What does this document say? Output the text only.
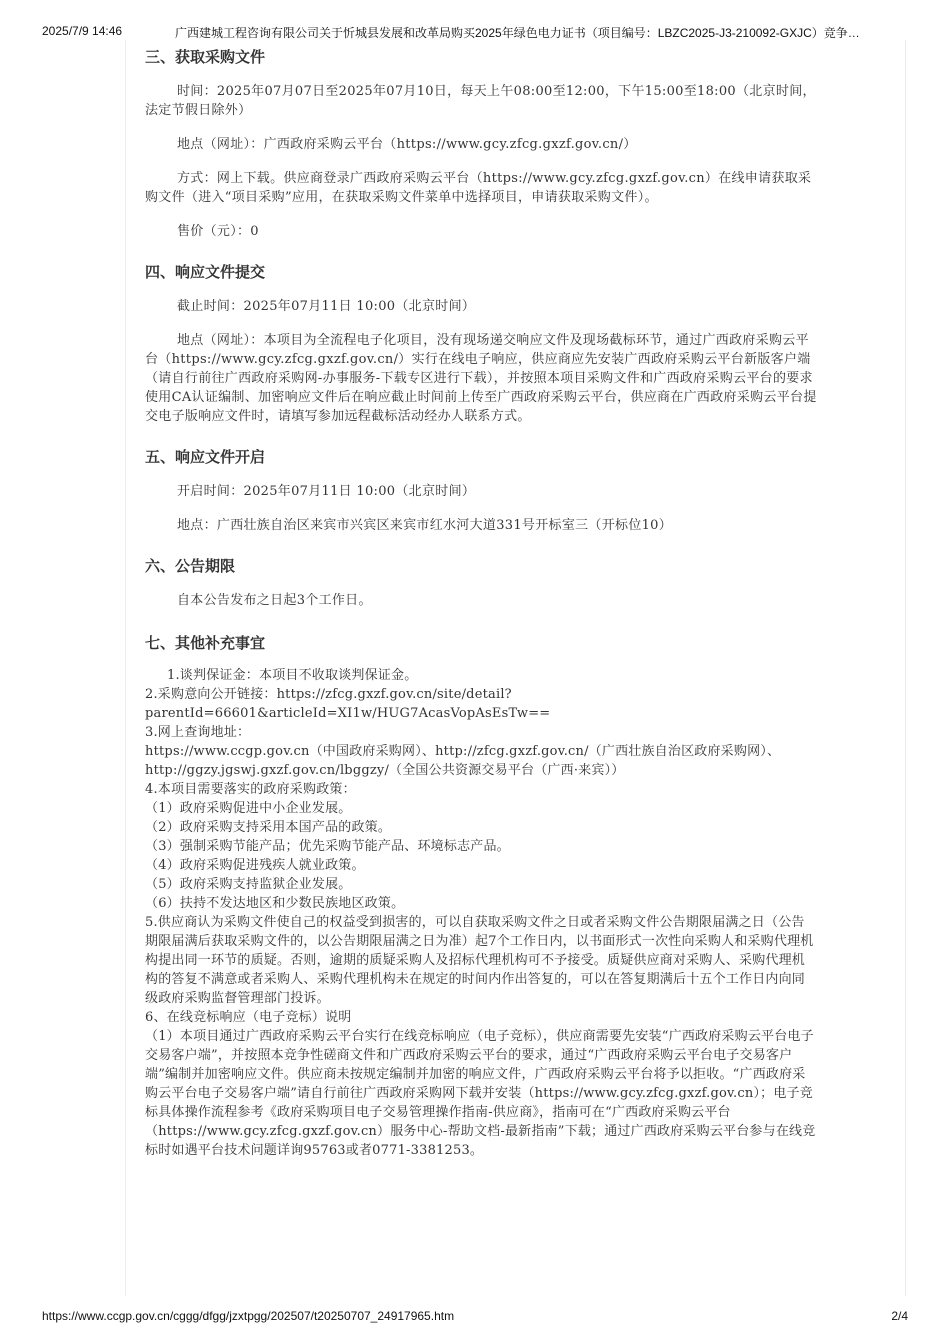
2025/7/9 14:46	广西建城工程咨询有限公司关于忻城县发展和改革局购买2025年绿色电力证书（项目编号：LBZC2025-J3-210092-GXJC）竞争…
三、获取采购文件

时间：2025年07月07日至2025年07月10日，每天上午08:00至12:00，下午15:00至18:00（北京时间，法定节假日除外）

地点（网址）：广西政府采购云平台（https://www.gcy.zfcg.gxzf.gov.cn/）

方式：网上下载。供应商登录广西政府采购云平台（https://www.gcy.zfcg.gxzf.gov.cn）在线申请获取采购文件（进入“项目采购”应用，在获取采购文件菜单中选择项目，申请获取采购文件）。

售价（元）：0

四、响应文件提交

截止时间：2025年07月11日 10:00（北京时间）

地点（网址）：本项目为全流程电子化项目，没有现场递交响应文件及现场截标环节，通过广西政府采购云平台（https://www.gcy.zfcg.gxzf.gov.cn/）实行在线电子响应，供应商应先安装广西政府采购云平台新版客户端（请自行前往广西政府采购网-办事服务-下载专区进行下载），并按照本项目采购文件和广西政府采购云平台的要求使用CA认证编制、加密响应文件后在响应截止时间前上传至广西政府采购云平台，供应商在广西政府采购云平台提交电子版响应文件时，请填写参加远程截标活动经办人联系方式。

五、响应文件开启

开启时间：2025年07月11日 10:00（北京时间）

地点：广西壮族自治区来宾市兴宾区来宾市红水河大道331号开标室三（开标位10）

六、公告期限

自本公告发布之日起3个工作日。

七、其他补充事宜

1.谈判保证金：本项目不收取谈判保证金。

2.采购意向公开链接：https://zfcg.gxzf.gov.cn/site/detail?parentId=66601&articleId=XI1w/HUG7AcasVopAsEsTw==

3.网上查询地址：

https://www.ccgp.gov.cn（中国政府采购网）、http://zfcg.gxzf.gov.cn/（广西壮族自治区政府采购网）、http://ggzy.jgswj.gxzf.gov.cn/lbggzy/（全国公共资源交易平台（广西·来宾））

4.本项目需要落实的政府采购政策：

（1）政府采购促进中小企业发展。

（2）政府采购支持采用本国产品的政策。

（3）强制采购节能产品；优先采购节能产品、环境标志产品。

（4）政府采购促进残疾人就业政策。

（5）政府采购支持监狱企业发展。

（6）扶持不发达地区和少数民族地区政策。

5.供应商认为采购文件使自己的权益受到损害的，可以自获取采购文件之日或者采购文件公告期限届满之日（公告期限届满后获取采购文件的，以公告期限届满之日为准）起7个工作日内，以书面形式一次性向采购人和采购代理机构提出同一环节的质疑。否则，逾期的质疑采购人及招标代理机构可不予接受。质疑供应商对采购人、采购代理机构的答复不满意或者采购人、采购代理机构未在规定的时间内作出答复的，可以在答复期满后十五个工作日内向同级政府采购监督管理部门投诉。

6、在线竞标响应（电子竞标）说明

（1）本项目通过广西政府采购云平台实行在线竞标响应（电子竞标），供应商需要先安装“广西政府采购云平台电子交易客户端”，并按照本竞争性磋商文件和广西政府采购云平台的要求，通过“广西政府采购云平台电子交易客户端”编制并加密响应文件。供应商未按规定编制并加密的响应文件，广西政府采购云平台将予以拒收。“广西政府采购云平台电子交易客户端”请自行前往广西政府采购网下载并安装（https://www.gcy.zfcg.gxzf.gov.cn）；电子竞标具体操作流程参考《政府采购项目电子交易管理操作指南-供应商》，指南可在“广西政府采购云平台（https://www.gcy.zfcg.gxzf.gov.cn）服务中心-帮助文档-最新指南”下载；通过广西政府采购云平台参与在线竞标时如遇平台技术问题详询95763或者0771-3381253。

https://www.ccgp.gov.cn/cggg/dfgg/jzxtpgg/202507/t20250707_24917965.htm	2/4
